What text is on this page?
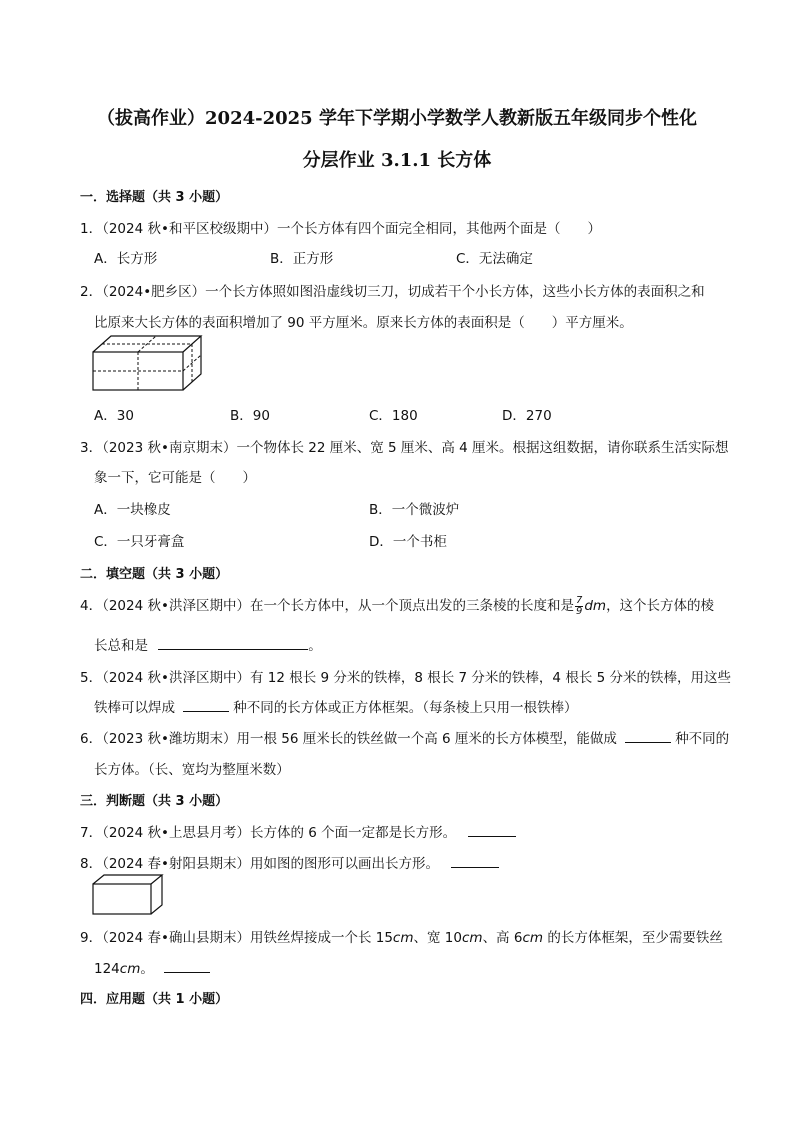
（拔高作业）2024-2025 学年下学期小学数学人教新版五年级同步个性化
分层作业 3.1.1 长方体
一．选择题（共 3 小题）
1．（2024 秋•和平区校级期中）一个长方体有四个面完全相同，其他两个面是（　　）
A．长方形	B．正方形	C．无法确定
2．（2024•肥乡区）一个长方体照如图沿虚线切三刀，切成若干个小长方体，这些小长方体的表面积之和
比原来大长方体的表面积增加了 90 平方厘米。原来长方体的表面积是（　　）平方厘米。
A．30	B．90	C．180	D．270
3．（2023 秋•南京期末）一个物体长 22 厘米、宽 5 厘米、高 4 厘米。根据这组数据，请你联系生活实际想
象一下，它可能是（　　）
A．一块橡皮	B．一个微波炉
C．一只牙膏盒	D．一个书柜
二．填空题（共 3 小题）
4．（2024 秋•洪泽区期中）在一个长方体中，从一个顶点出发的三条棱的长度和是 $\frac{7}{9}$ dm，这个长方体的棱
长总和是	。
5．（2024 秋•洪泽区期中）有 12 根长 9 分米的铁棒，8 根长 7 分米的铁棒，4 根长 5 分米的铁棒，用这些
铁棒可以焊成	种不同的长方体或正方体框架。（每条棱上只用一根铁棒）
6．（2023 秋•潍坊期末）用一根 56 厘米长的铁丝做一个高 6 厘米的长方体模型，能做成	种不同的
长方体。（长、宽均为整厘米数）
三．判断题（共 3 小题）
7．（2024 秋•上思县月考）长方体的 6 个面一定都是长方形。
8．（2024 春•射阳县期末）用如图的图形可以画出长方形。
9．（2024 春•确山县期末）用铁丝焊接成一个长 15cm、宽 10cm、高 6cm 的长方体框架，至少需要铁丝
124cm。
四．应用题（共 1 小题）
